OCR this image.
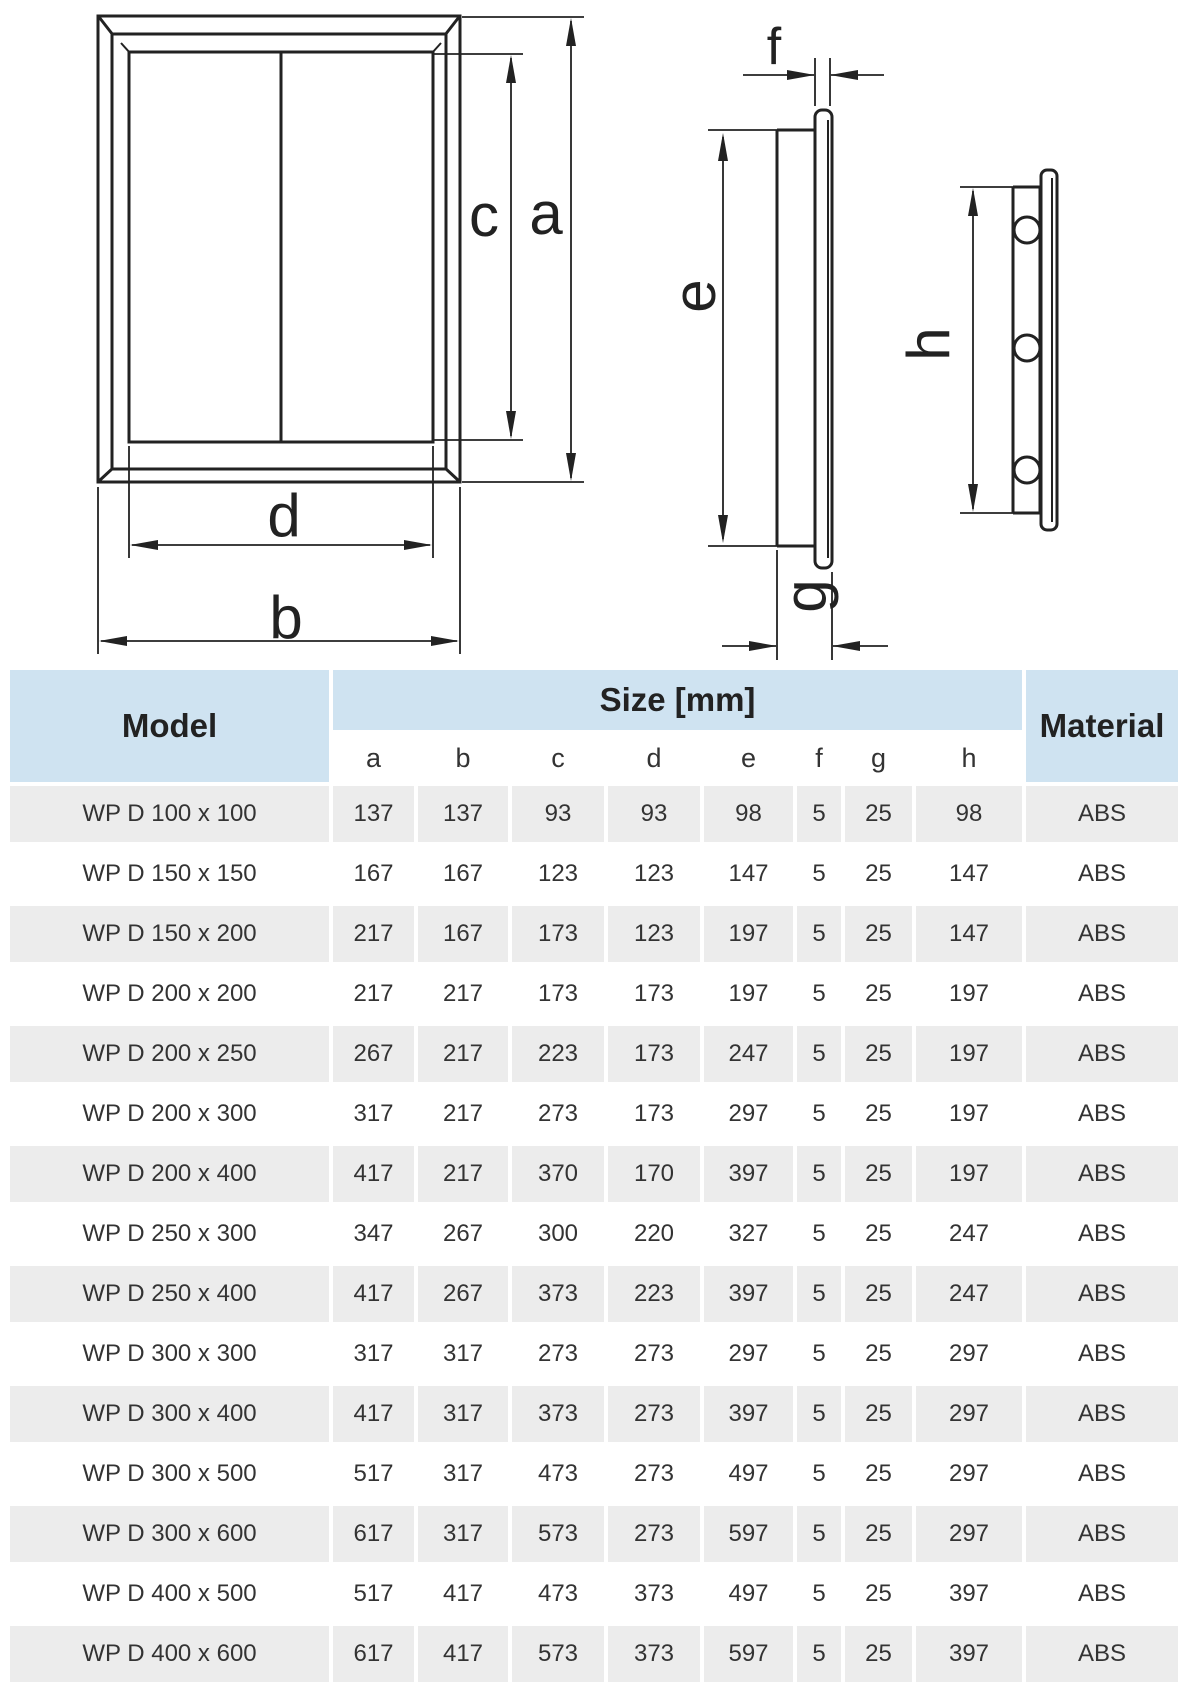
c a
d
b
f
e
g
h
Model	Size [mm]								Material
	a	b	c	d	e	f	g	h	
WP D 100 x 100	137	137	93	93	98	5	25	98	ABS
WP D 150 x 150	167	167	123	123	147	5	25	147	ABS
WP D 150 x 200	217	167	173	123	197	5	25	147	ABS
WP D 200 x 200	217	217	173	173	197	5	25	197	ABS
WP D 200 x 250	267	217	223	173	247	5	25	197	ABS
WP D 200 x 300	317	217	273	173	297	5	25	197	ABS
WP D 200 x 400	417	217	370	170	397	5	25	197	ABS
WP D 250 x 300	347	267	300	220	327	5	25	247	ABS
WP D 250 x 400	417	267	373	223	397	5	25	247	ABS
WP D 300 x 300	317	317	273	273	297	5	25	297	ABS
WP D 300 x 400	417	317	373	273	397	5	25	297	ABS
WP D 300 x 500	517	317	473	273	497	5	25	297	ABS
WP D 300 x 600	617	317	573	273	597	5	25	297	ABS
WP D 400 x 500	517	417	473	373	497	5	25	397	ABS
WP D 400 x 600	617	417	573	373	597	5	25	397	ABS
